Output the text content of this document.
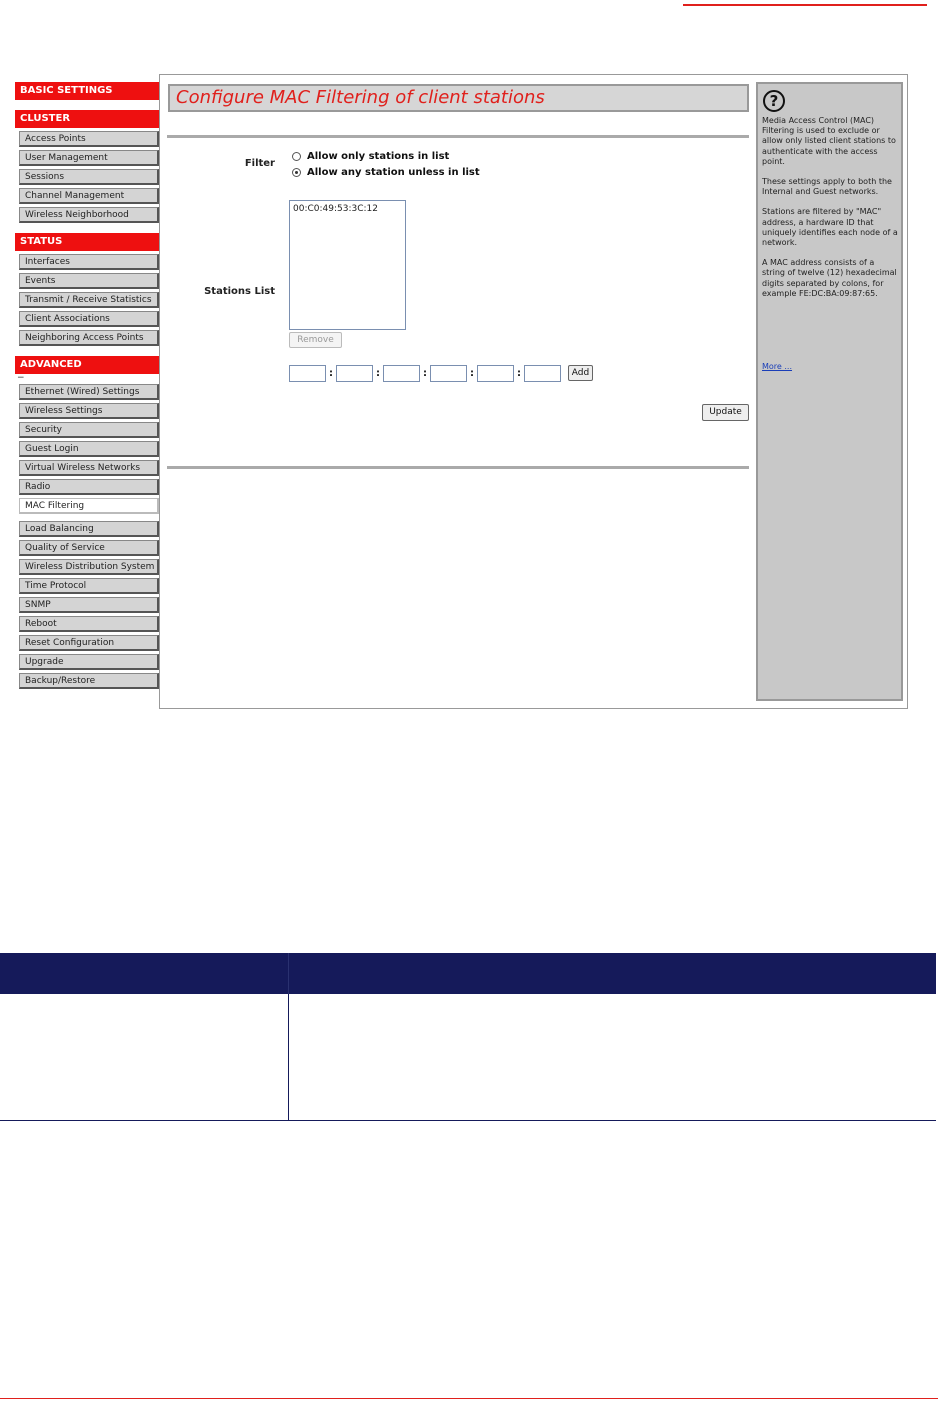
BASIC SETTINGS
CLUSTER
Access Points
User Management
Sessions
Channel Management
Wireless Neighborhood
STATUS
Interfaces
Events
Transmit / Receive Statistics
Client Associations
Neighboring Access Points
ADVANCED
−
Ethernet (Wired) Settings
Wireless Settings
Security
Guest Login
Virtual Wireless Networks
Radio
MAC Filtering
Load Balancing
Quality of Service
Wireless Distribution System
Time Protocol
SNMP
Reboot
Reset Configuration
Upgrade
Backup/Restore
Configure MAC Filtering of client stations
Filter
Allow only stations in list
Allow any station unless in list
Stations List
00:C0:49:53:3C:12
Remove
:	:	:	:	:	Add
Update
?

Media Access Control (MAC) Filtering is used to exclude or allow only listed client stations to authenticate with the access point.

These settings apply to both the Internal and Guest networks.

Stations are filtered by "MAC" address, a hardware ID that uniquely identifies each node of a network.

A MAC address consists of a string of twelve (12) hexadecimal digits separated by colons, for example FE:DC:BA:09:87:65.

More ...
